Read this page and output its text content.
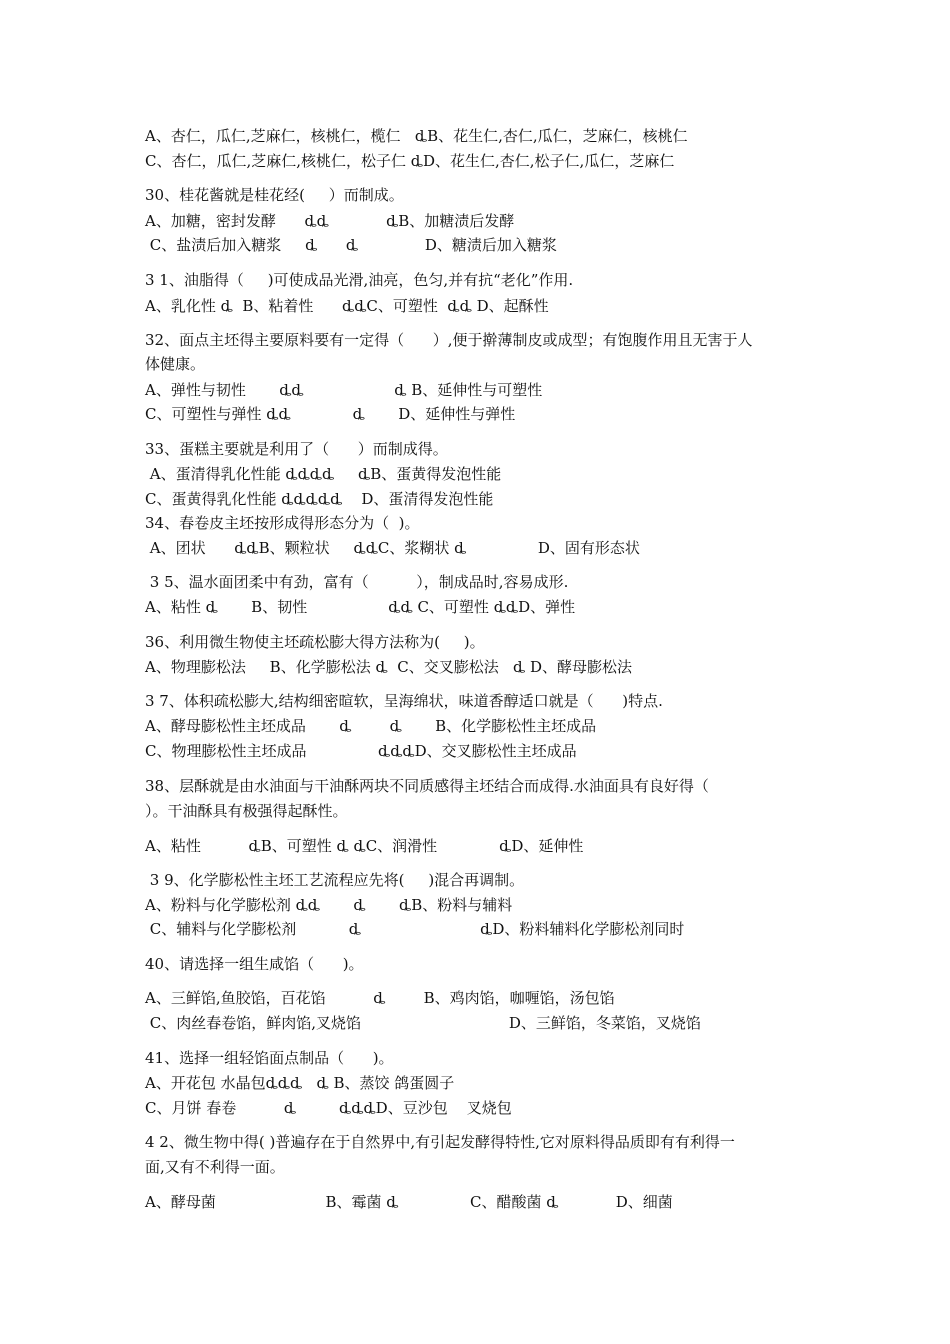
A、杏仁，瓜仁,芝麻仁，核桃仁，榄仁   ȡB、花生仁,杏仁,瓜仁，芝麻仁，核桃仁
C、杏仁，瓜仁,芝麻仁,核桃仁，松子仁 ȡD、花生仁,杏仁,松子仁,瓜仁，芝麻仁
30、桂花酱就是桂花经(     ）而制成。
A、加糖，密封发酵      ȡȡ            ȡB、加糖渍后发酵
C、盐渍后加入糖浆     ȡ      ȡ              D、糖渍后加入糖浆
3 1、油脂得（     )可使成品光滑,油亮，色匀,并有抗“老化”作用.
A、乳化性 ȡ  B、粘着性      ȡȡC、可塑性  ȡȡ D、起酥性
32、面点主坯得主要原料要有一定得（      ）,便于擀薄制皮或成型；有饱腹作用且无害于人
体健康。
A、弹性与韧性       ȡȡ                   ȡ B、延伸性与可塑性
C、可塑性与弹性 ȡȡ             ȡ       D、延伸性与弹性
33、蛋糕主要就是利用了（      ）而制成得。
A、蛋清得乳化性能 ȡȡȡȡ     ȡB、蛋黄得发泡性能
C、蛋黄得乳化性能 ȡȡȡȡȡ    D、蛋清得发泡性能
34、春卷皮主坯按形成得形态分为（  )。
A、团状      ȡȡB、颗粒状     ȡȡC、浆糊状 ȡ               D、固有形态状
3 5、温水面团柔中有劲，富有（          ），制成品时,容易成形.
A、粘性 ȡ       B、韧性                 ȡȡ C、可塑性 ȡȡD、弹性
36、利用微生物使主坯疏松膨大得方法称为(     )。
A、物理膨松法     B、化学膨松法 ȡ  C、交叉膨松法   ȡ D、酵母膨松法
3 7、体积疏松膨大,结构细密暄软，呈海绵状，味道香醇适口就是（      )特点.
A、酵母膨松性主坯成品       ȡ        ȡ       B、化学膨松性主坯成品
C、物理膨松性主坯成品               ȡȡȡD、交叉膨松性主坯成品
38、层酥就是由水油面与干油酥两块不同质感得主坯结合而成得.水油面具有良好得（
）。干油酥具有极强得起酥性。
A、粘性          ȡB、可塑性 ȡ ȡC、润滑性             ȡD、延伸性
3 9、化学膨松性主坯工艺流程应先将(     )混合再调制。
A、粉料与化学膨松剂 ȡȡ       ȡ       ȡB、粉料与辅料
C、辅料与化学膨松剂           ȡ                         ȡD、粉料辅料化学膨松剂同时
40、请选择一组生咸馅（      )。
A、三鲜馅,鱼胶馅，百花馅          ȡ        B、鸡肉馅，咖喱馅，汤包馅
C、肉丝春卷馅，鲜肉馅,叉烧馅                               D、三鲜馅，冬菜馅，叉烧馅
41、选择一组轻馅面点制品（      )。
A、开花包 水晶包ȡȡȡ   ȡ B、蒸饺 鸽蛋圆子
C、月饼 春卷          ȡ         ȡȡȡD、豆沙包    叉烧包
4 2、微生物中得( )普遍存在于自然界中,有引起发酵得特性,它对原料得品质即有有利得一
面,又有不利得一面。
A、酵母菌                       B、霉菌 ȡ               C、醋酸菌 ȡ            D、细菌
